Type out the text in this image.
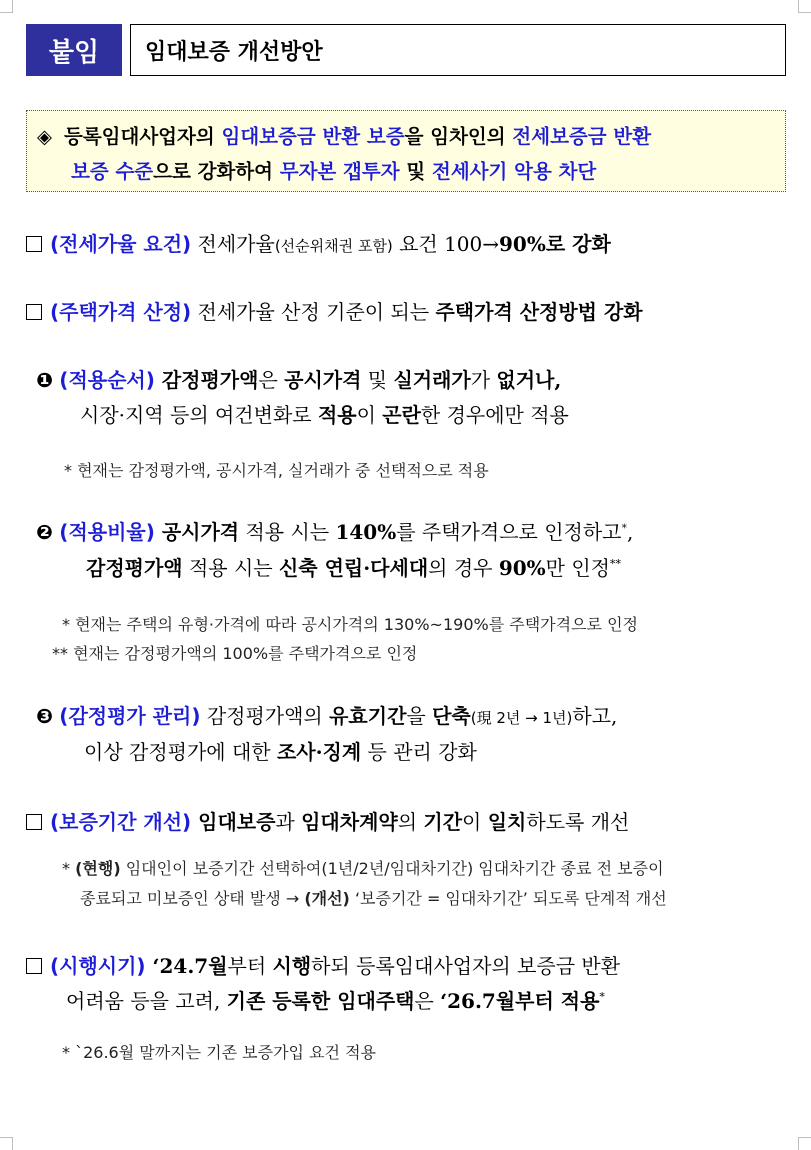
붙임	임대보증 개선방안
◈ 등록임대사업자의 임대보증금 반환 보증을 임차인의 전세보증금 반환
보증 수준으로 강화하여 무자본 갭투자 및 전세사기 악용 차단
(전세가율 요건) 전세가율(선순위채권 포함) 요건 100→90%로 강화
(주택가격 산정) 전세가율 산정 기준이 되는 주택가격 산정방법 강화
❶ (적용순서) 감정평가액은 공시가격 및 실거래가가 없거나,
시장·지역 등의 여건변화로 적용이 곤란한 경우에만 적용
* 현재는 감정평가액, 공시가격, 실거래가 중 선택적으로 적용
❷ (적용비율) 공시가격 적용 시는 140%를 주택가격으로 인정하고*,
감정평가액 적용 시는 신축 연립·다세대의 경우 90%만 인정**
* 현재는 주택의 유형·가격에 따라 공시가격의 130%~190%를 주택가격으로 인정
** 현재는 감정평가액의 100%를 주택가격으로 인정
❸ (감정평가 관리) 감정평가액의 유효기간을 단축(現 2년 → 1년)하고,
이상 감정평가에 대한 조사·징계 등 관리 강화
(보증기간 개선) 임대보증과 임대차계약의 기간이 일치하도록 개선
* (현행) 임대인이 보증기간 선택하여(1년/2년/임대차기간) 임대차기간 종료 전 보증이
종료되고 미보증인 상태 발생 → (개선) ‘보증기간 = 임대차기간’ 되도록 단계적 개선
(시행시기) ‘24.7월부터 시행하되 등록임대사업자의 보증금 반환
어려움 등을 고려, 기존 등록한 임대주택은 ‘26.7월부터 적용*
* `26.6월 말까지는 기존 보증가입 요건 적용
